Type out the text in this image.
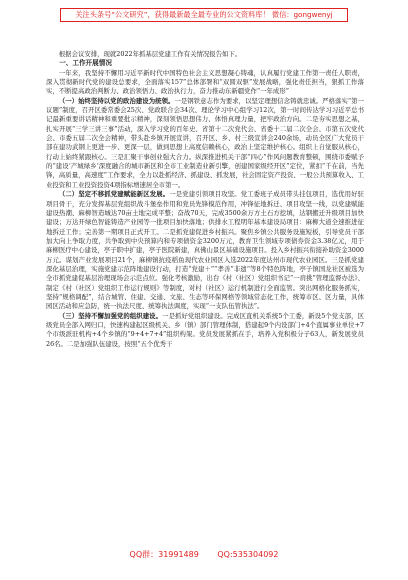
关注头条号“公文研究”，获得最新最全最专业的公文资料库！ 微信：gongwenyj

根据会议安排，现就2022年抓基层党建工作有关情况报告如下。

一、工作开展情况

一年来，我坚持不懈用习近平新时代中国特色社会主义思想凝心铸魂，认真履行党建工作第一责任人职责，深入贯彻新时代党的建设总要求，全面落实157”总体部署和“双圆双驱”发展战略，强化责任担当，狠抓工作落实，不断提高政治判断力、政治领悟力、政治执行力，奋力推动东新疆党作“一年成形”

（一）始终坚持以党的政治建设为统领。一是钢铁意志作为要求，以坚定理想信念铸就忠诚。严格落实“第一议题”制度，召开区委常委会25次、党政联合会34次、理论学习中心组学习12次，第一时间传达学习习近平总书记最新重要讲话精神和重要批示精神，深刻领悟思想伟力、体悟真理力量，把牢政治方向。二是夯实思想之基，扎实开展“三学三讲三事”活动，深入学习党的百年史、省第十二次党代会、省委十二届二次全会、市第五次党代会、市委五届二次全会精神，带头赴乡镇开展宣讲，召开区、乡、村三级宣讲会240余场，动员全区广大党员干部在建功武钢上更进一步、更深一层，做到思想上高度信赖核心，政治上坚定维护核心。组织上自觉服从核心，行动上始终紧跟核心。三是汇聚干事创业强大合力。纵深推进机关干部“四心”作风问题教育整顿，围绕市委赋予的“建设‘产城绿乡’深度融合的城市新区和全市工业制造业新引擎，创建国家级经开区”定位，紧扣“千在前，当先锋，高质量，高速度”工作要求，全力以赴抓经济、抓建设、抓发展，社会固定资产投资、一般公共预算收入、工业投资和工业投资投资4项指标增速居全市第一。

（二）坚定不移抓党建赋能新区发展。一是党建引领项目攻坚。党工委班子成员带头挂包项目，选优用好驻项目骨干，充分发挥基层党组织战斗堡垒作用和党员先锋模范作用，冲锋征地拆迁、项目攻坚一线，以党建赋能建设热潮、麻柳智造城达70亩土地完成平整；奋战70天，完成3500余万方土石方挖填，达钢搬迁升级项目加快建设；万达开绿色智能铸造产业园等一批项目加快落地；供排水工程明年基本建设局项目：麻柳大道全速推进征地拆迁工作；完善第一期项目正式开工。二是抓党建促进乡村振兴。聚焦乡镇公共服务设施短板，引导党员干部加大向上争取力度，共争取到中央预算内和专项债资金3200万元，教育卫生领域专项债券资金3.38亿元，用于麻柳医疗中心建设，亭子职中扩建，亭子医院新建，真佛山景区基础设施项目。投入乡村振兴衔接补助资金3000万元。谋划产业发展项目21个，麻柳镇抗疫稻鱼现代农业园区入选2022年度达州市现代农业园区。三是抓党建深化基层治理，实施党建示范阵地建设行动，打造“党建＋”“孝善”非遗“等8个特色阵地，亭子镇国龙社区被选为全市抓党建促基层治理现场会示范点位。强化考核激励，出台《村（社区）党组织书记“一肩挑”管理监督办法》、制定《村（社区）党组织工作运行规则》等制度，对村（社区）运行机制进行全面监管。突出网格化服务抓实，坚持“规格调配”，结合城管、住建、交通、文旅、生态等环保网格等领域常态化工作，统筹市区、区力量，具体园区活动和应急防，统一执法尺度、统筹执法调度，实现“一支队伍管执法”。

（三）坚持不懈加强党的组织建设。一是抓好党组织建设。完成区直机关系统5个工委，新设5个党支部，区级党员全部入网归口，快速构建起区级机关、乡（镇）部门管理体制，搭建起9个内设部门+4个直属事业单位+7个市级派驻机构+4个乡镇的“9+4+7+4”组织构架。党员发展紧抓在手，培养入党积极分子63人，新发展党员26名。二是加强队伍建设，按照“五个优秀干

QQ群：31991489 QQ:535304092
